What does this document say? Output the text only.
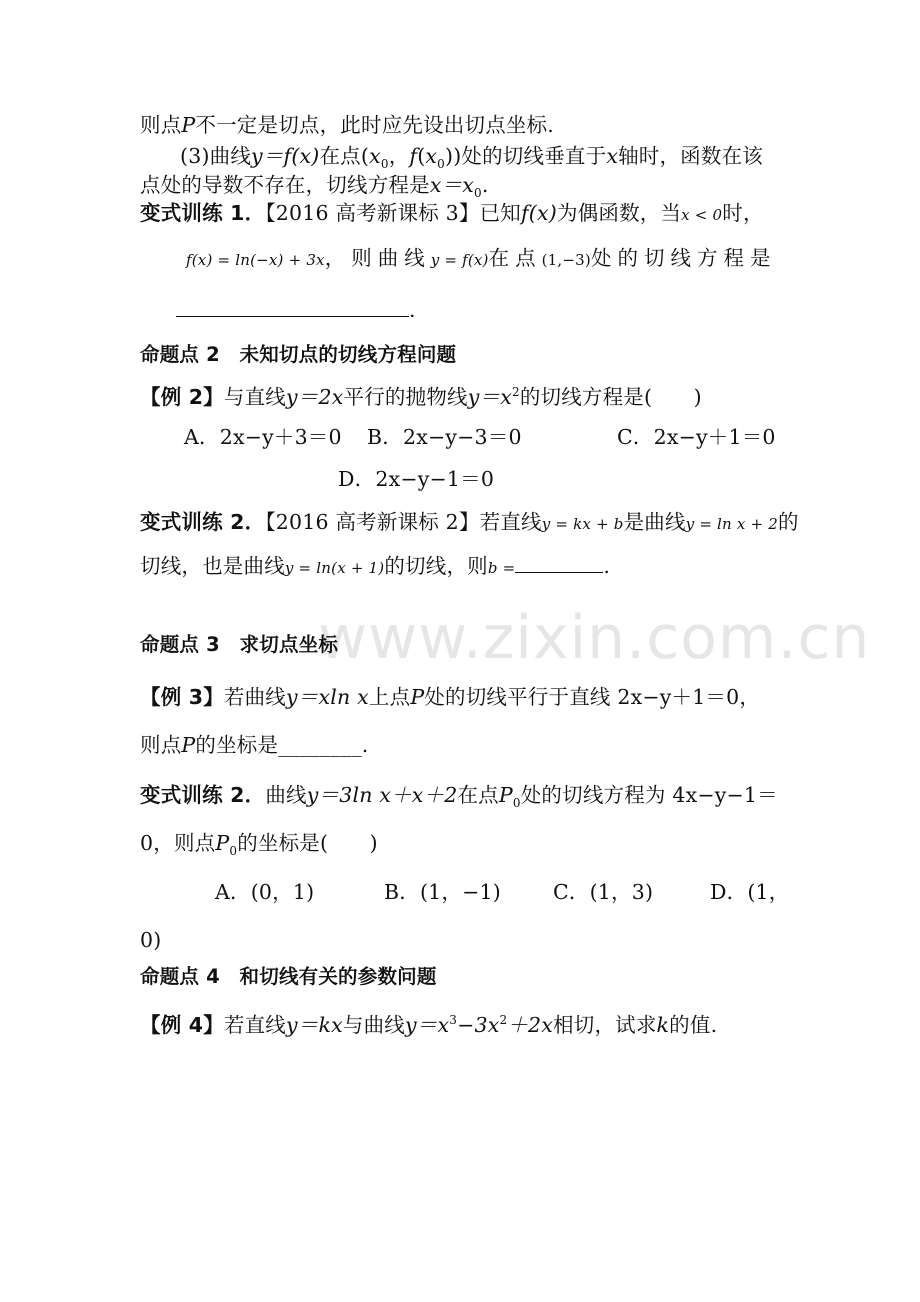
www.zixin.com.cn
则点P不一定是切点，此时应先设出切点坐标.
(3)曲线y＝f(x)在点($x_0$，$f(x_0)$)处的切线垂直于x轴时，函数在该
点处的导数不存在，切线方程是$x=x_0$.
变式训练 1．【2016 高考新课标 3】已知f(x)为偶函数，当x < 0时，
f(x) = ln(−x) + 3x，则曲线y = f(x)在点(1,−3)处的切线方程是
.
命题点 2　未知切点的切线方程问题
【例 2】与直线y＝2x平行的抛物线$y=x^2$的切线方程是(　　)
A．2x−y＋3＝0 B．2x−y−3＝0	C．2x−y＋1＝0
D．2x−y−1＝0
变式训练 2．【2016 高考新课标 2】若直线y = kx + b是曲线y = ln x + 2的
切线，也是曲线y = ln(x + 1)的切线，则b =	.
命题点 3　求切点坐标
【例 3】若曲线y＝xln x上点P处的切线平行于直线 2x−y＋1＝0，
则点P的坐标是________.
变式训练 2．曲线y＝3ln x＋x＋2在点$P_0$处的切线方程为 4x−y−1＝
0，则点$P_0$的坐标是(　　)
A．(0，1)	B．(1，−1)	C．(1，3)	D．(1，
0)
命题点 4　和切线有关的参数问题
【例 4】若直线y＝kx与曲线$y=x^3-3x^2+2x$相切，试求k的值.
